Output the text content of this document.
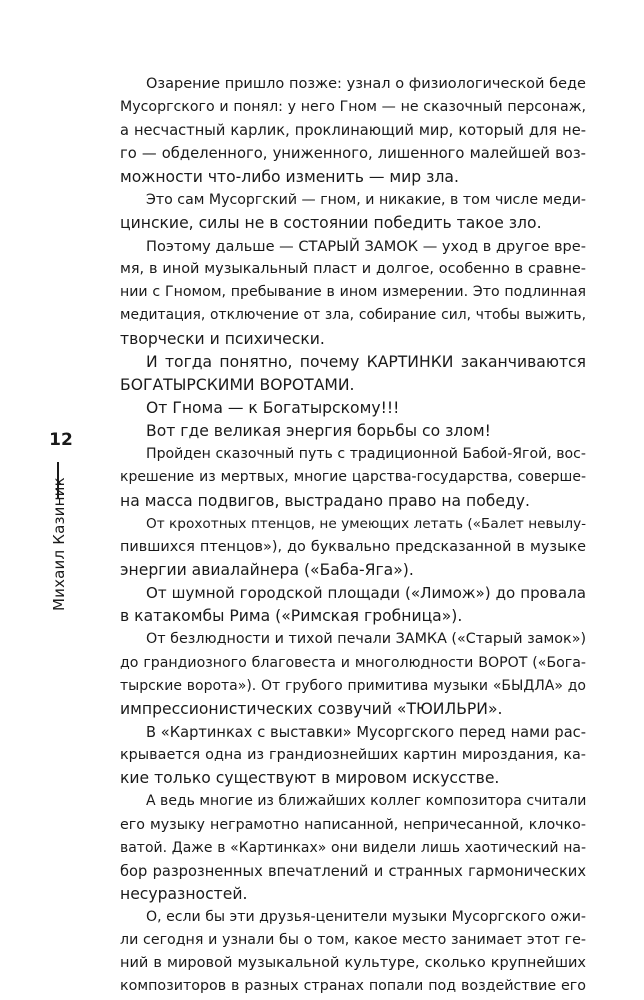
12
Михаил Казиник
Озарение пришло позже: узнал о физиологической беде
Мусоргского и понял: у него Гном — не сказочный персонаж,
а несчастный карлик, проклинающий мир, который для не-
го — обделенного, униженного, лишенного малейшей воз-
можности что-либо изменить — мир зла.
Это сам Мусоргский — гном, и никакие, в том числе меди-
цинские, силы не в состоянии победить такое зло.
Поэтому дальше — СТАРЫЙ ЗАМОК — уход в другое вре-
мя, в иной музыкальный пласт и долгое, особенно в сравне-
нии с Гномом, пребывание в ином измерении. Это подлинная
медитация, отключение от зла, собирание сил, чтобы выжить,
творчески и психически.
И тогда понятно, почему КАРТИНКИ заканчиваются
БОГАТЫРСКИМИ ВОРОТАМИ.
От Гнома — к Богатырскому!!!
Вот где великая энергия борьбы со злом!
Пройден сказочный путь с традиционной Бабой-Ягой, вос-
крешение из мертвых, многие царства-государства, соверше-
на масса подвигов, выстрадано право на победу.
От крохотных птенцов, не умеющих летать («Балет невылу-
пившихся птенцов»), до буквально предсказанной в музыке
энергии авиалайнера («Баба-Яга»).
От шумной городской площади («Лимож») до провала
в катакомбы Рима («Римская гробница»).
От безлюдности и тихой печали ЗАМКА («Старый замок»)
до грандиозного благовеста и многолюдности ВОРОТ («Бога-
тырские ворота»). От грубого примитива музыки «БЫДЛА» до
импрессионистических созвучий «ТЮИЛЬРИ».
В «Картинках с выставки» Мусоргского перед нами рас-
крывается одна из грандиознейших картин мироздания, ка-
кие только существуют в мировом искусстве.
А ведь многие из ближайших коллег композитора считали
его музыку неграмотно написанной, непричесанной, клочко-
ватой. Даже в «Картинках» они видели лишь хаотический на-
бор разрозненных впечатлений и странных гармонических
несуразностей.
О, если бы эти друзья-ценители музыки Мусоргского ожи-
ли сегодня и узнали бы о том, какое место занимает этот ге-
ний в мировой музыкальной культуре, сколько крупнейших
композиторов в разных странах попали под воздействие его
